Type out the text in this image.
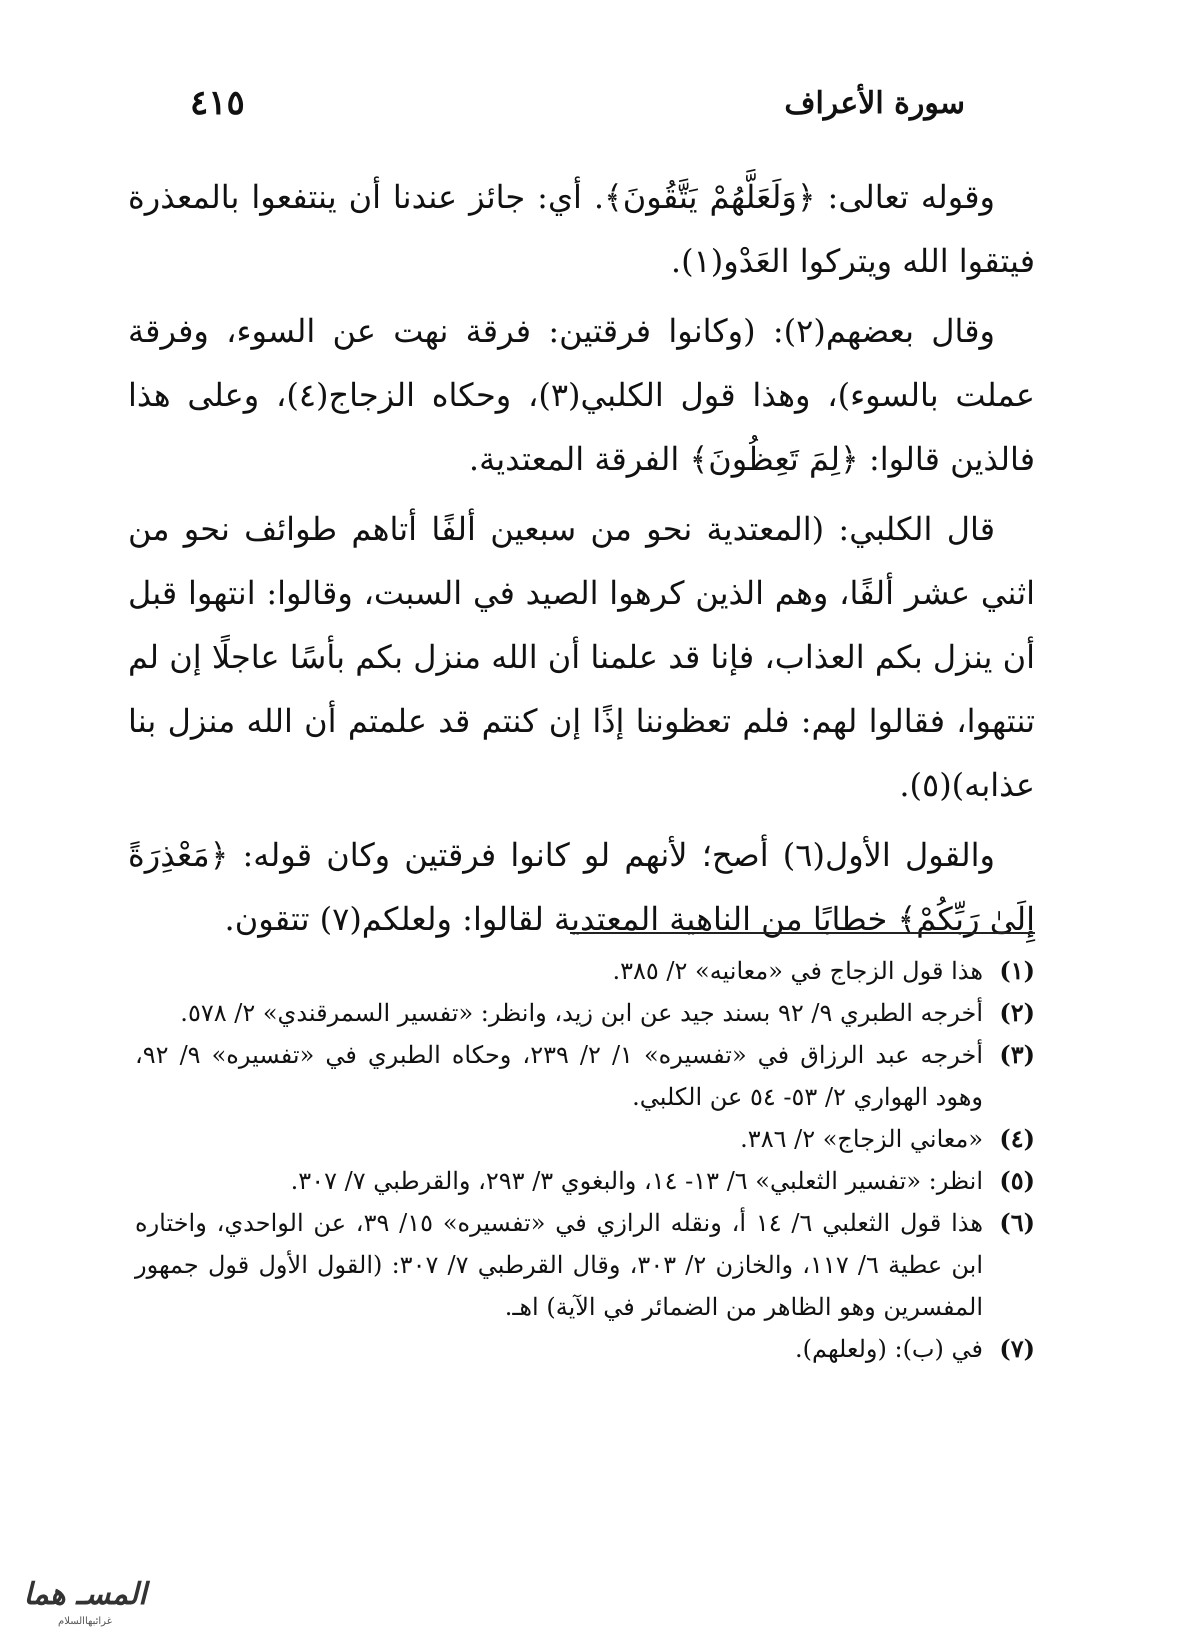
سورة الأعراف
٤١٥

وقوله تعالى: ﴿وَلَعَلَّهُمْ يَتَّقُونَ﴾. أي: جائز عندنا أن ينتفعوا بالمعذرة فيتقوا الله ويتركوا العَدْو(١).

وقال بعضهم(٢): (وكانوا فرقتين: فرقة نهت عن السوء، وفرقة عملت بالسوء)، وهذا قول الكلبي(٣)، وحكاه الزجاج(٤)، وعلى هذا فالذين قالوا: ﴿لِمَ تَعِظُونَ﴾ الفرقة المعتدية.

قال الكلبي: (المعتدية نحو من سبعين ألفًا أتاهم طوائف نحو من اثني عشر ألفًا، وهم الذين كرهوا الصيد في السبت، وقالوا: انتهوا قبل أن ينزل بكم العذاب، فإنا قد علمنا أن الله منزل بكم بأسًا عاجلًا إن لم تنتهوا، فقالوا لهم: فلم تعظوننا إذًا إن كنتم قد علمتم أن الله منزل بنا عذابه)(٥).

والقول الأول(٦) أصح؛ لأنهم لو كانوا فرقتين وكان قوله: ﴿مَعْذِرَةً إِلَىٰ رَبِّكُمْ﴾ خطابًا من الناهية المعتدية لقالوا: ولعلكم(٧) تتقون.

(١)
هذا قول الزجاج في «معانيه» ٢/ ٣٨٥.
(٢)
أخرجه الطبري ٩/ ٩٢ بسند جيد عن ابن زيد، وانظر: «تفسير السمرقندي» ٢/ ٥٧٨.
(٣)
أخرجه عبد الرزاق في «تفسيره» ١/ ٢/ ٢٣٩، وحكاه الطبري في «تفسيره» ٩/ ٩٢، وهود الهواري ٢/ ٥٣- ٥٤ عن الكلبي.
(٤)
«معاني الزجاج» ٢/ ٣٨٦.
(٥)
انظر: «تفسير الثعلبي» ٦/ ١٣- ١٤، والبغوي ٣/ ٢٩٣، والقرطبي ٧/ ٣٠٧.
(٦)
هذا قول الثعلبي ٦/ ١٤ أ، ونقله الرازي في «تفسيره» ١٥/ ٣٩، عن الواحدي، واختاره ابن عطية ٦/ ١١٧، والخازن ٢/ ٣٠٣، وقال القرطبي ٧/ ٣٠٧: (القول الأول قول جمهور المفسرين وهو الظاهر من الضمائر في الآية) اهـ.
(٧)
في (ب): (ولعلهم).
المسـ هما
غرائبهاالسلام
